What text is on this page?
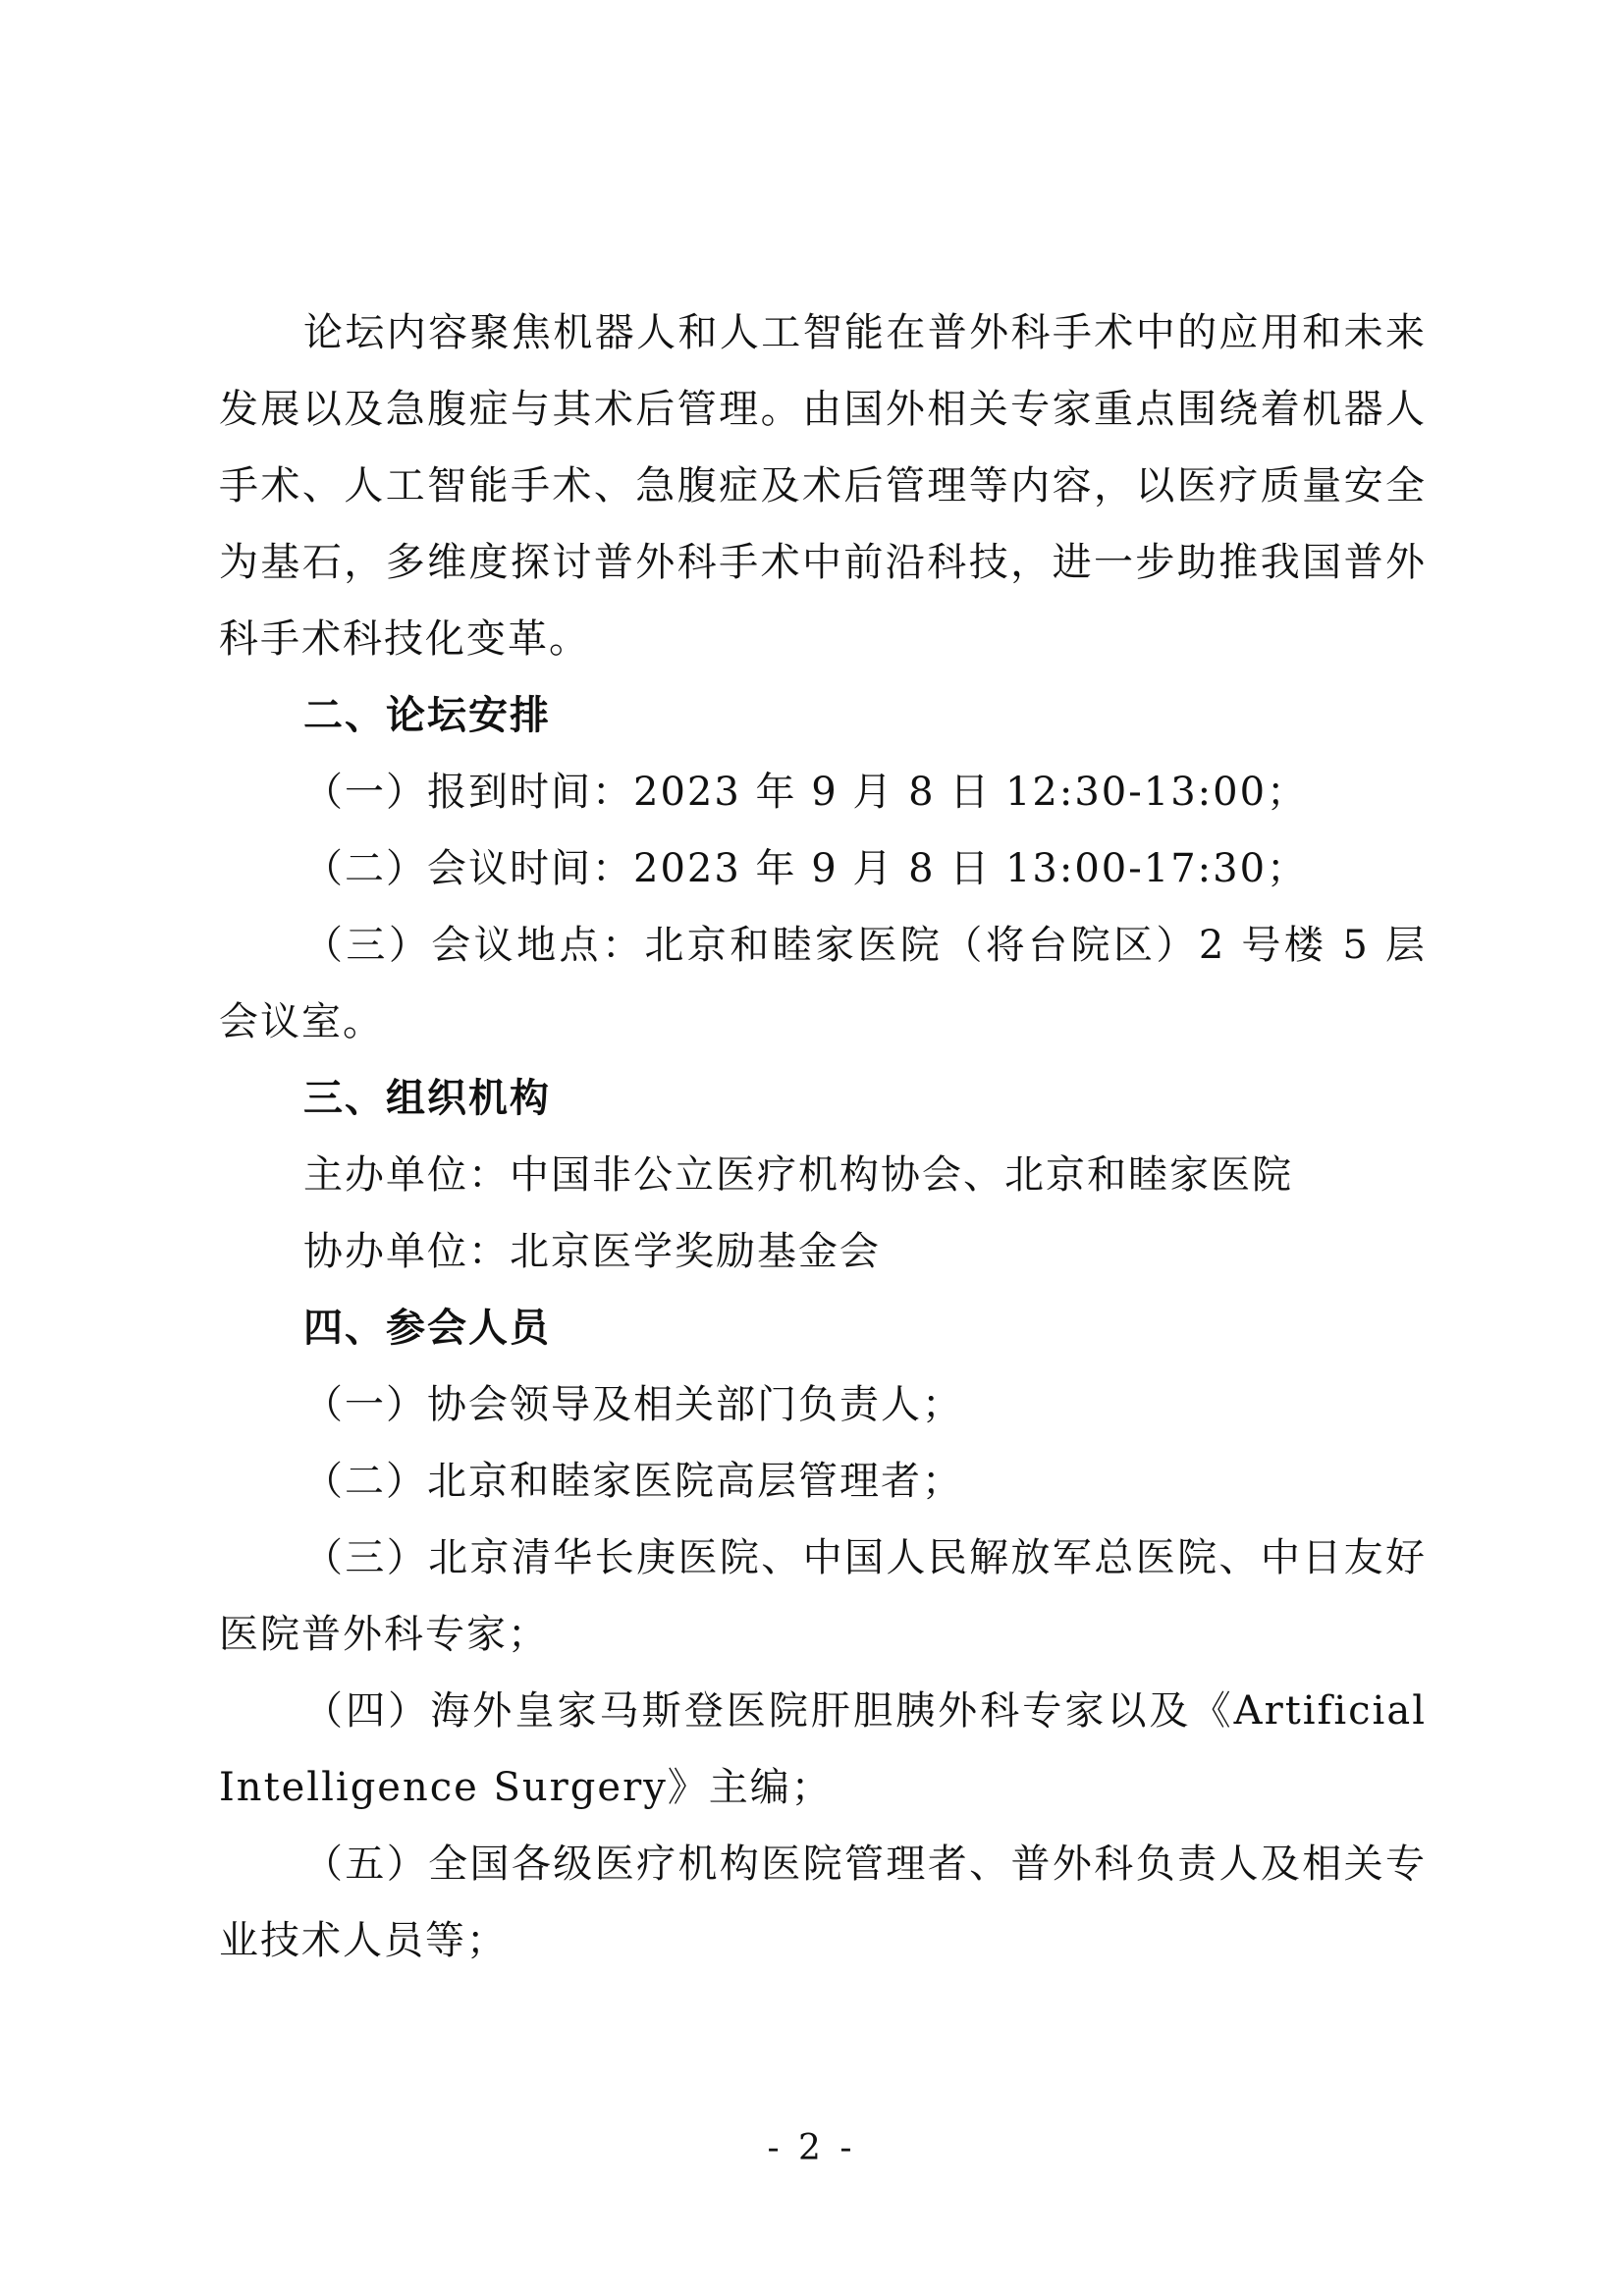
论坛内容聚焦机器人和人工智能在普外科手术中的应用和未来发展以及急腹症与其术后管理。由国外相关专家重点围绕着机器人手术、人工智能手术、急腹症及术后管理等内容，以医疗质量安全为基石，多维度探讨普外科手术中前沿科技，进一步助推我国普外科手术科技化变革。

二、论坛安排

（一）报到时间：2023 年 9 月 8 日 12:30-13:00；

（二）会议时间：2023 年 9 月 8 日 13:00-17:30；

（三）会议地点：北京和睦家医院（将台院区）2 号楼 5 层会议室。

三、组织机构

主办单位：中国非公立医疗机构协会、北京和睦家医院

协办单位：北京医学奖励基金会

四、参会人员

（一）协会领导及相关部门负责人；

（二）北京和睦家医院高层管理者；

（三）北京清华长庚医院、中国人民解放军总医院、中日友好医院普外科专家；

（四）海外皇家马斯登医院肝胆胰外科专家以及《Artificial Intelligence Surgery》主编；

（五）全国各级医疗机构医院管理者、普外科负责人及相关专业技术人员等；

- 2 -
